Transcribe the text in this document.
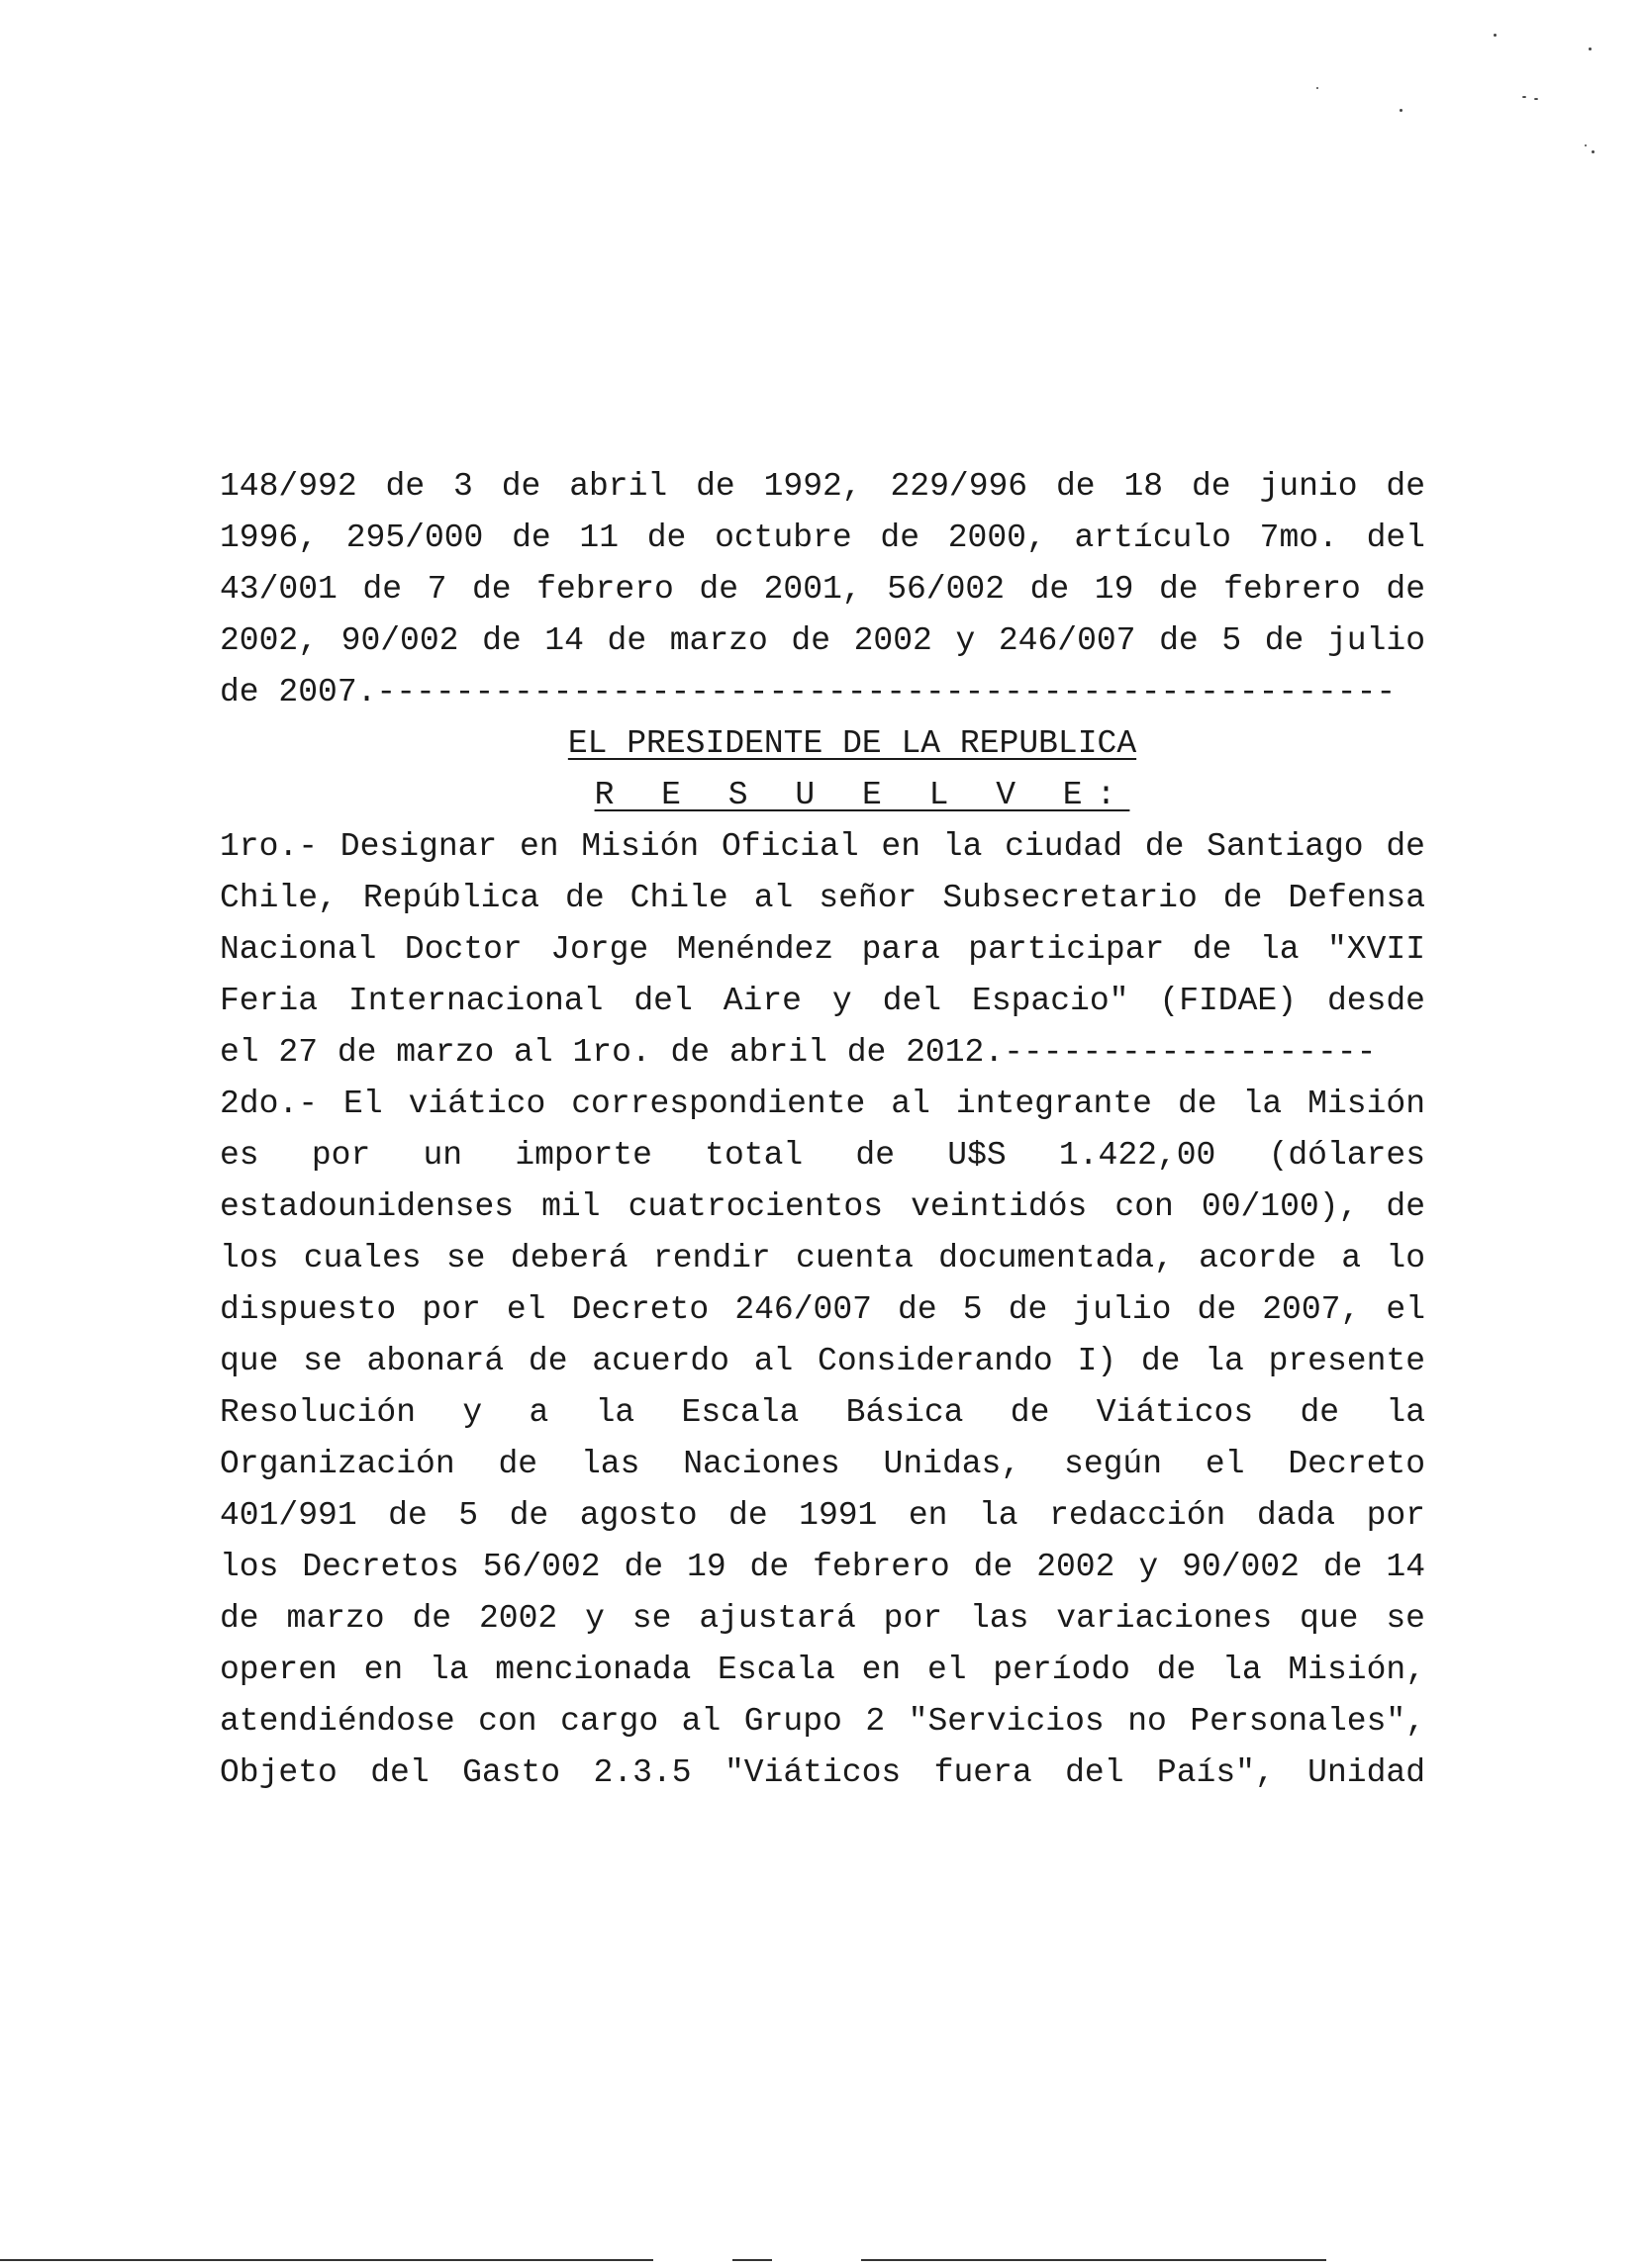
148/992 de 3 de abril de 1992, 229/996 de 18 de junio de
1996, 295/000 de 11 de octubre de 2000, artículo 7mo. del
43/001 de 7 de febrero de 2001, 56/002 de 19 de febrero de
2002, 90/002 de 14 de marzo de 2002 y 246/007 de 5 de julio
de 2007.----------------------------------------------------
EL PRESIDENTE DE LA REPUBLICA
R E S U E L V E:
1ro.- Designar en Misión Oficial en la ciudad de Santiago de
Chile, República de Chile al señor Subsecretario de Defensa
Nacional Doctor Jorge Menéndez para participar de la "XVII
Feria Internacional del Aire y del Espacio" (FIDAE) desde
el 27 de marzo al 1ro. de abril de 2012.-------------------
2do.- El viático correspondiente al integrante de la Misión
es por un importe total de U$S 1.422,00 (dólares
estadounidenses mil cuatrocientos veintidós con 00/100), de
los cuales se deberá rendir cuenta documentada, acorde a lo
dispuesto por el Decreto 246/007 de 5 de julio de 2007, el
que se abonará de acuerdo al Considerando I) de la presente
Resolución y a la Escala Básica de Viáticos de la
Organización de las Naciones Unidas, según el Decreto
401/991 de 5 de agosto de 1991 en la redacción dada por
los Decretos 56/002 de 19 de febrero de 2002 y 90/002 de 14
de marzo de 2002 y se ajustará por las variaciones que se
operen en la mencionada Escala en el período de la Misión,
atendiéndose con cargo al Grupo 2 "Servicios no Personales",
Objeto del Gasto 2.3.5 "Viáticos fuera del País", Unidad
